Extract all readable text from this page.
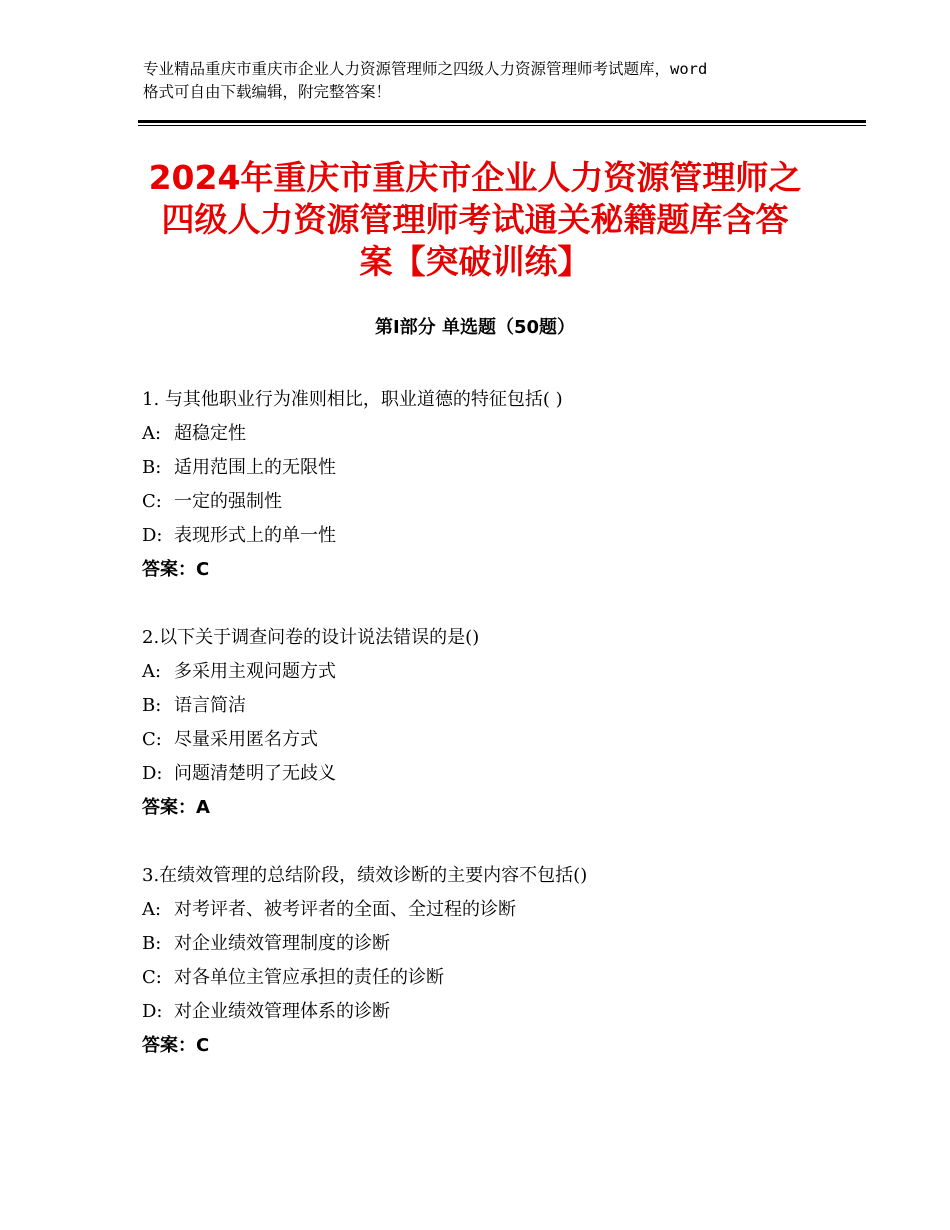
专业精品重庆市重庆市企业人力资源管理师之四级人力资源管理师考试题库，word
格式可自由下载编辑，附完整答案！
2024年重庆市重庆市企业人力资源管理师之
四级人力资源管理师考试通关秘籍题库含答
案【突破训练】
第Ⅰ部分 单选题（50题）
1. 与其他职业行为准则相比，职业道德的特征包括( )
A: 超稳定性
B: 适用范围上的无限性
C: 一定的强制性
D: 表现形式上的单一性
答案：C
2.以下关于调查问卷的设计说法错误的是()
A: 多采用主观问题方式
B: 语言简洁
C: 尽量采用匿名方式
D: 问题清楚明了无歧义
答案：A
3.在绩效管理的总结阶段，绩效诊断的主要内容不包括()
A: 对考评者、被考评者的全面、全过程的诊断
B: 对企业绩效管理制度的诊断
C: 对各单位主管应承担的责任的诊断
D: 对企业绩效管理体系的诊断
答案：C
